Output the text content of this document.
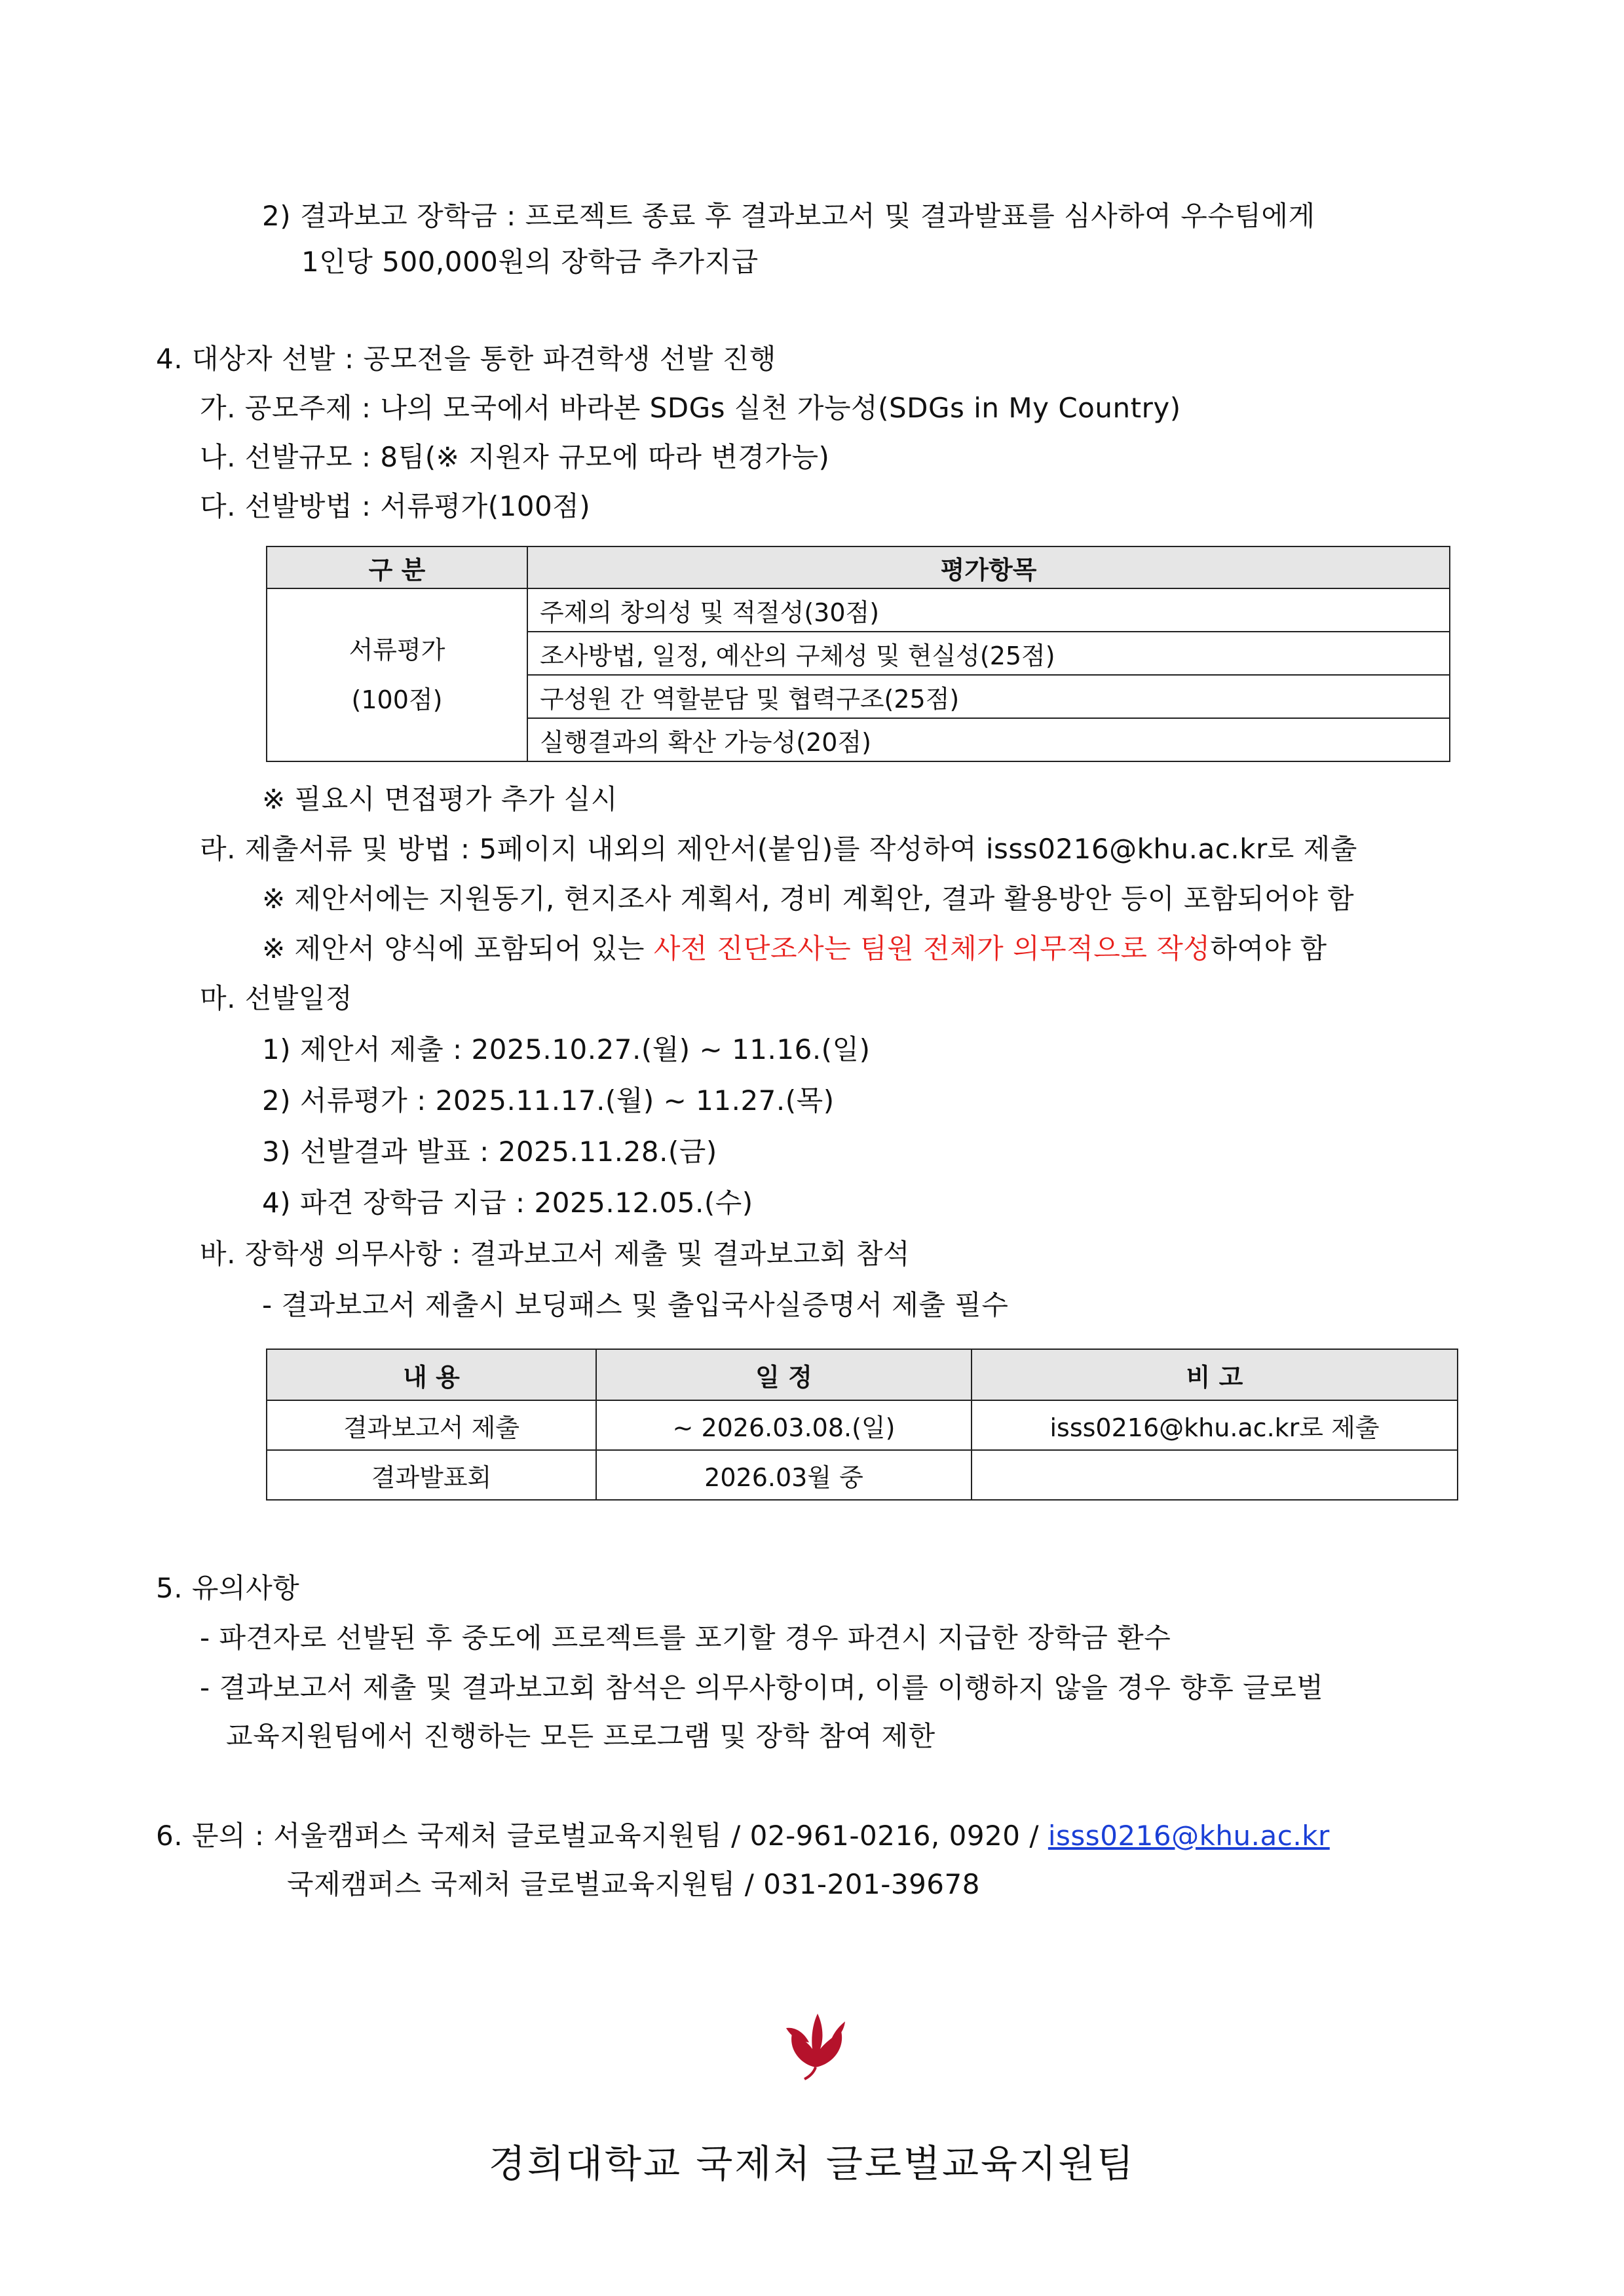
2) 결과보고 장학금 : 프로젝트 종료 후 결과보고서 및 결과발표를 심사하여 우수팀에게
1인당 500,000원의 장학금 추가지급
4. 대상자 선발 : 공모전을 통한 파견학생 선발 진행
가. 공모주제 : 나의 모국에서 바라본 SDGs 실천 가능성(SDGs in My Country)
나. 선발규모 : 8팀(※ 지원자 규모에 따라 변경가능)
다. 선발방법 : 서류평가(100점)
구 분	평가항목

서류평가
(100점)	주제의 창의성 및 적절성(30점)
	조사방법, 일정, 예산의 구체성 및 현실성(25점)
	구성원 간 역할분담 및 협력구조(25점)
	실행결과의 확산 가능성(20점)
※ 필요시 면접평가 추가 실시
라. 제출서류 및 방법 : 5페이지 내외의 제안서(붙임)를 작성하여 isss0216@khu.ac.kr로 제출
※ 제안서에는 지원동기, 현지조사 계획서, 경비 계획안, 결과 활용방안 등이 포함되어야 함
※ 제안서 양식에 포함되어 있는 사전 진단조사는 팀원 전체가 의무적으로 작성하여야 함
마. 선발일정
1) 제안서 제출 : 2025.10.27.(월) ~ 11.16.(일)
2) 서류평가 : 2025.11.17.(월) ~ 11.27.(목)
3) 선발결과 발표 : 2025.11.28.(금)
4) 파견 장학금 지급 : 2025.12.05.(수)
바. 장학생 의무사항 : 결과보고서 제출 및 결과보고회 참석
- 결과보고서 제출시 보딩패스 및 출입국사실증명서 제출 필수
내 용	일 정	비 고
결과보고서 제출	~ 2026.03.08.(일)	isss0216@khu.ac.kr로 제출
결과발표회	2026.03월 중	
5. 유의사항
- 파견자로 선발된 후 중도에 프로젝트를 포기할 경우 파견시 지급한 장학금 환수
- 결과보고서 제출 및 결과보고회 참석은 의무사항이며, 이를 이행하지 않을 경우 향후 글로벌
교육지원팀에서 진행하는 모든 프로그램 및 장학 참여 제한
6. 문의 : 서울캠퍼스 국제처 글로벌교육지원팀 / 02-961-0216, 0920 / isss0216@khu.ac.kr
국제캠퍼스 국제처 글로벌교육지원팀 / 031-201-39678
경희대학교 국제처 글로벌교육지원팀
